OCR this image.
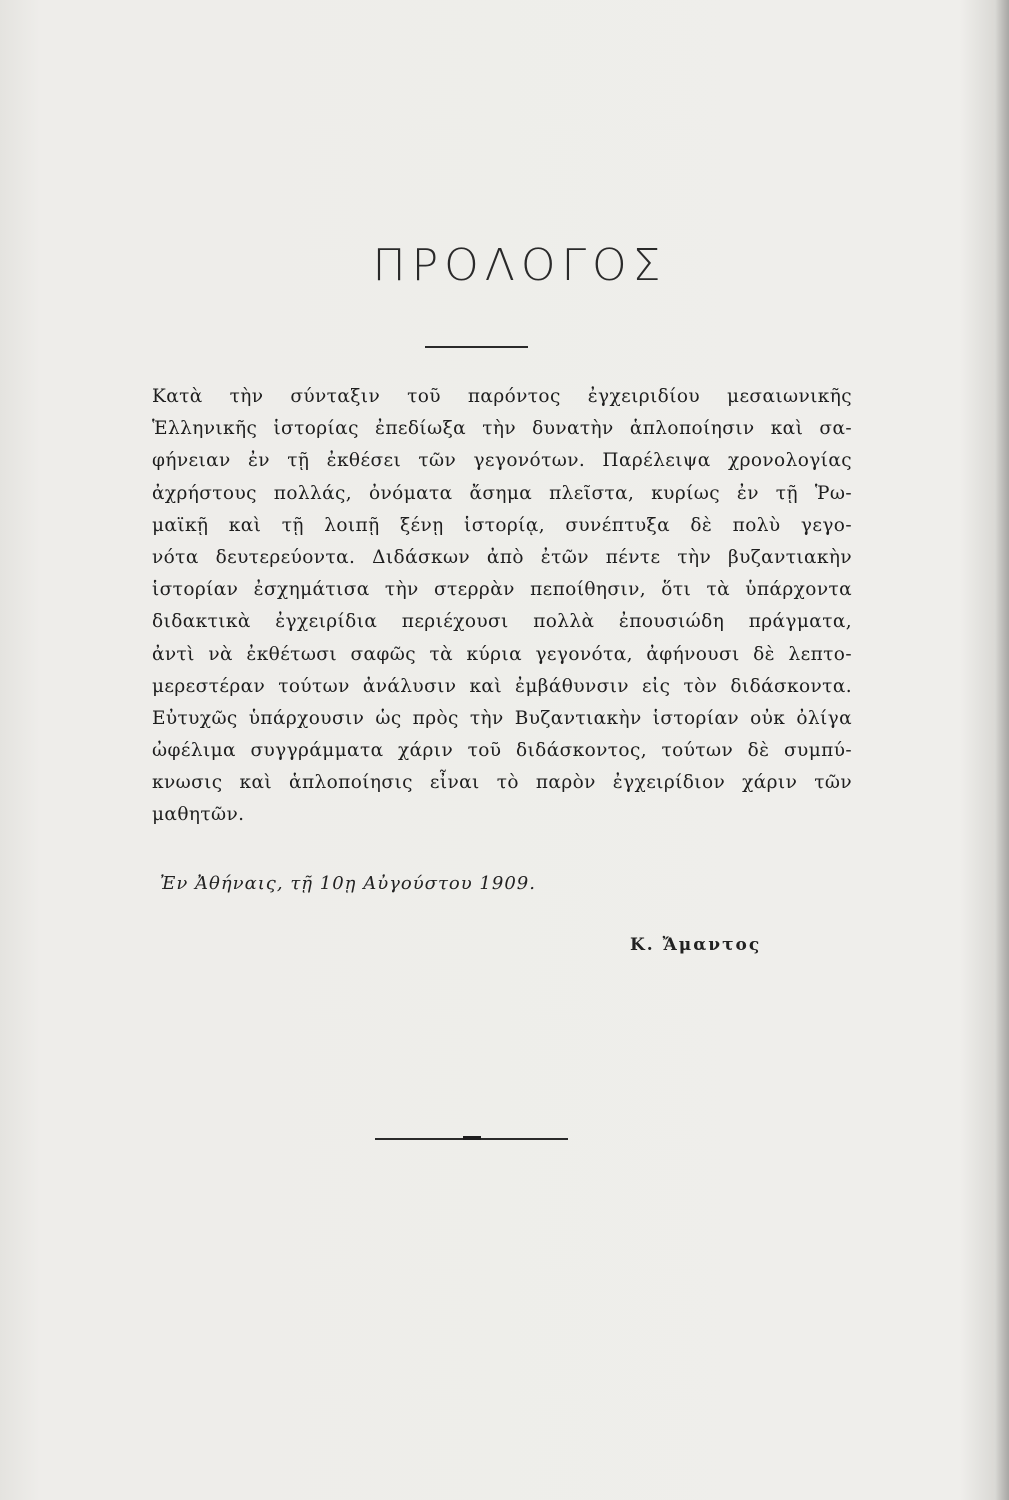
ΠΡΟΛΟΓΟΣ
Κατὰ τὴν σύνταξιν τοῦ παρόντος ἐγχειριδίου μεσαιωνικῆς
Ἑλληνικῆς ἱστορίας ἐπεδίωξα τὴν δυνατὴν ἁπλοποίησιν καὶ σα-
φήνειαν ἐν τῇ ἐκθέσει τῶν γεγονότων. Παρέλειψα χρονολογίας
ἀχρήστους πολλάς, ὀνόματα ἄσημα πλεῖστα, κυρίως ἐν τῇ Ῥω-
μαϊκῇ καὶ τῇ λοιπῇ ξένῃ ἱστορίᾳ, συνέπτυξα δὲ πολὺ γεγο-
νότα δευτερεύοντα. Διδάσκων ἀπὸ ἐτῶν πέντε τὴν βυζαντιακὴν
ἱστορίαν ἐσχημάτισα τὴν στερρὰν πεποίθησιν, ὅτι τὰ ὑπάρχοντα
διδακτικὰ ἐγχειρίδια περιέχουσι πολλὰ ἐπουσιώδη πράγματα,
ἀντὶ νὰ ἐκθέτωσι σαφῶς τὰ κύρια γεγονότα, ἀφήνουσι δὲ λεπτο-
μερεστέραν τούτων ἀνάλυσιν καὶ ἐμβάθυνσιν εἰς τὸν διδάσκοντα.
Εὐτυχῶς ὑπάρχουσιν ὡς πρὸς τὴν Βυζαντιακὴν ἱστορίαν οὐκ ὀλίγα
ὠφέλιμα συγγράμματα χάριν τοῦ διδάσκοντος, τούτων δὲ συμπύ-
κνωσις καὶ ἁπλοποίησις εἶναι τὸ παρὸν ἐγχειρίδιον χάριν τῶν
μαθητῶν.
Ἐν Ἀθήναις, τῇ 10ῃ Αὐγούστου 1909.
Κ. Ἄμαντος
